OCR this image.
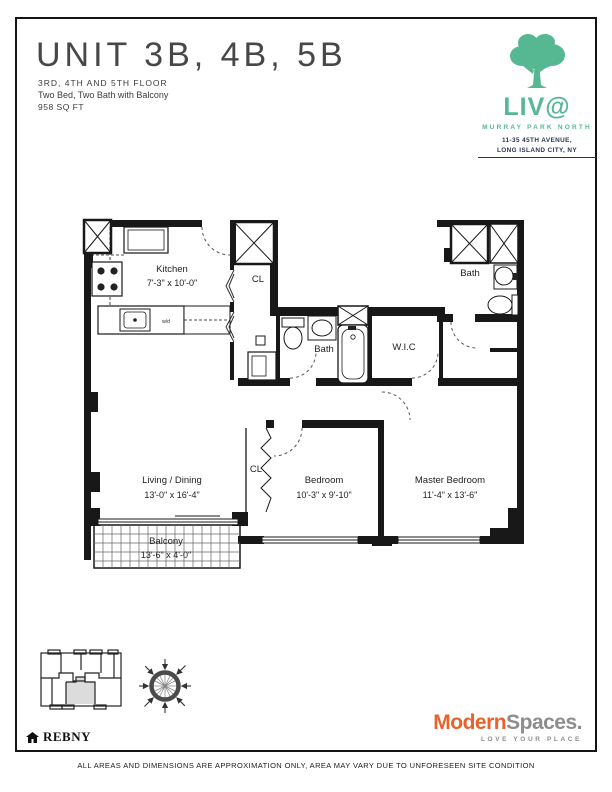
UNIT 3B, 4B, 5B
3RD, 4TH AND 5TH FLOOR
Two Bed, Two Bath with Balcony
958 SQ FT	LIV@
MURRAY PARK NORTH
11-35 45TH AVENUE,
LONG ISLAND CITY, NY
w/d
Kitchen
7'-3" x 10'-0"	CL
Bath	W.I.C
Bath
CL
Living / Dining
13'-0" x 16'-4"
Bedroom
10'-3" x 9'-10"
Master Bedroom
11'-4" x 13'-6"
Balcony
13'-6" x 4'-0"
REBNY
ModernSpaces.
LOVE YOUR PLACE
ALL AREAS AND DIMENSIONS ARE APPROXIMATION ONLY, AREA MAY VARY DUE TO UNFORESEEN SITE CONDITION
